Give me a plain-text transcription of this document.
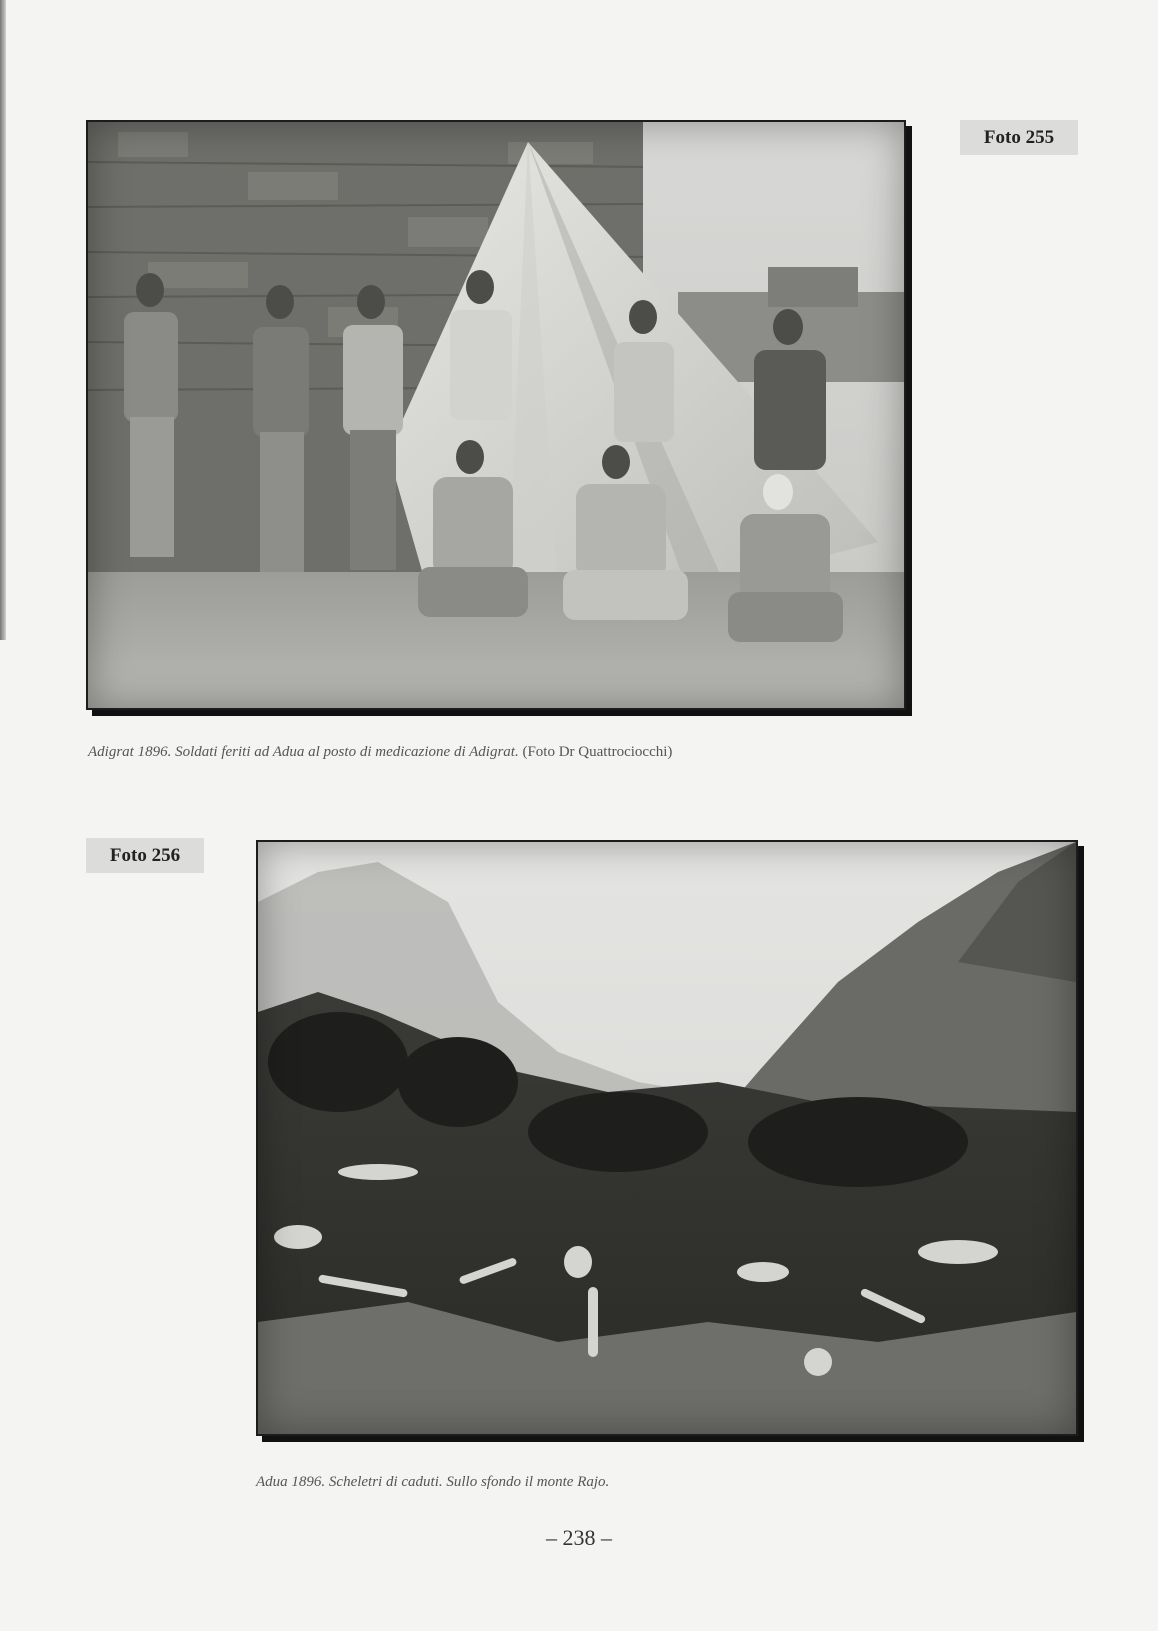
Foto 255
Adigrat 1896. Soldati feriti ad Adua al posto di medicazione di Adigrat. (Foto Dr Quattrociocchi)
Foto 256
Adua 1896. Scheletri di caduti. Sullo sfondo il monte Rajo.
– 238 –
